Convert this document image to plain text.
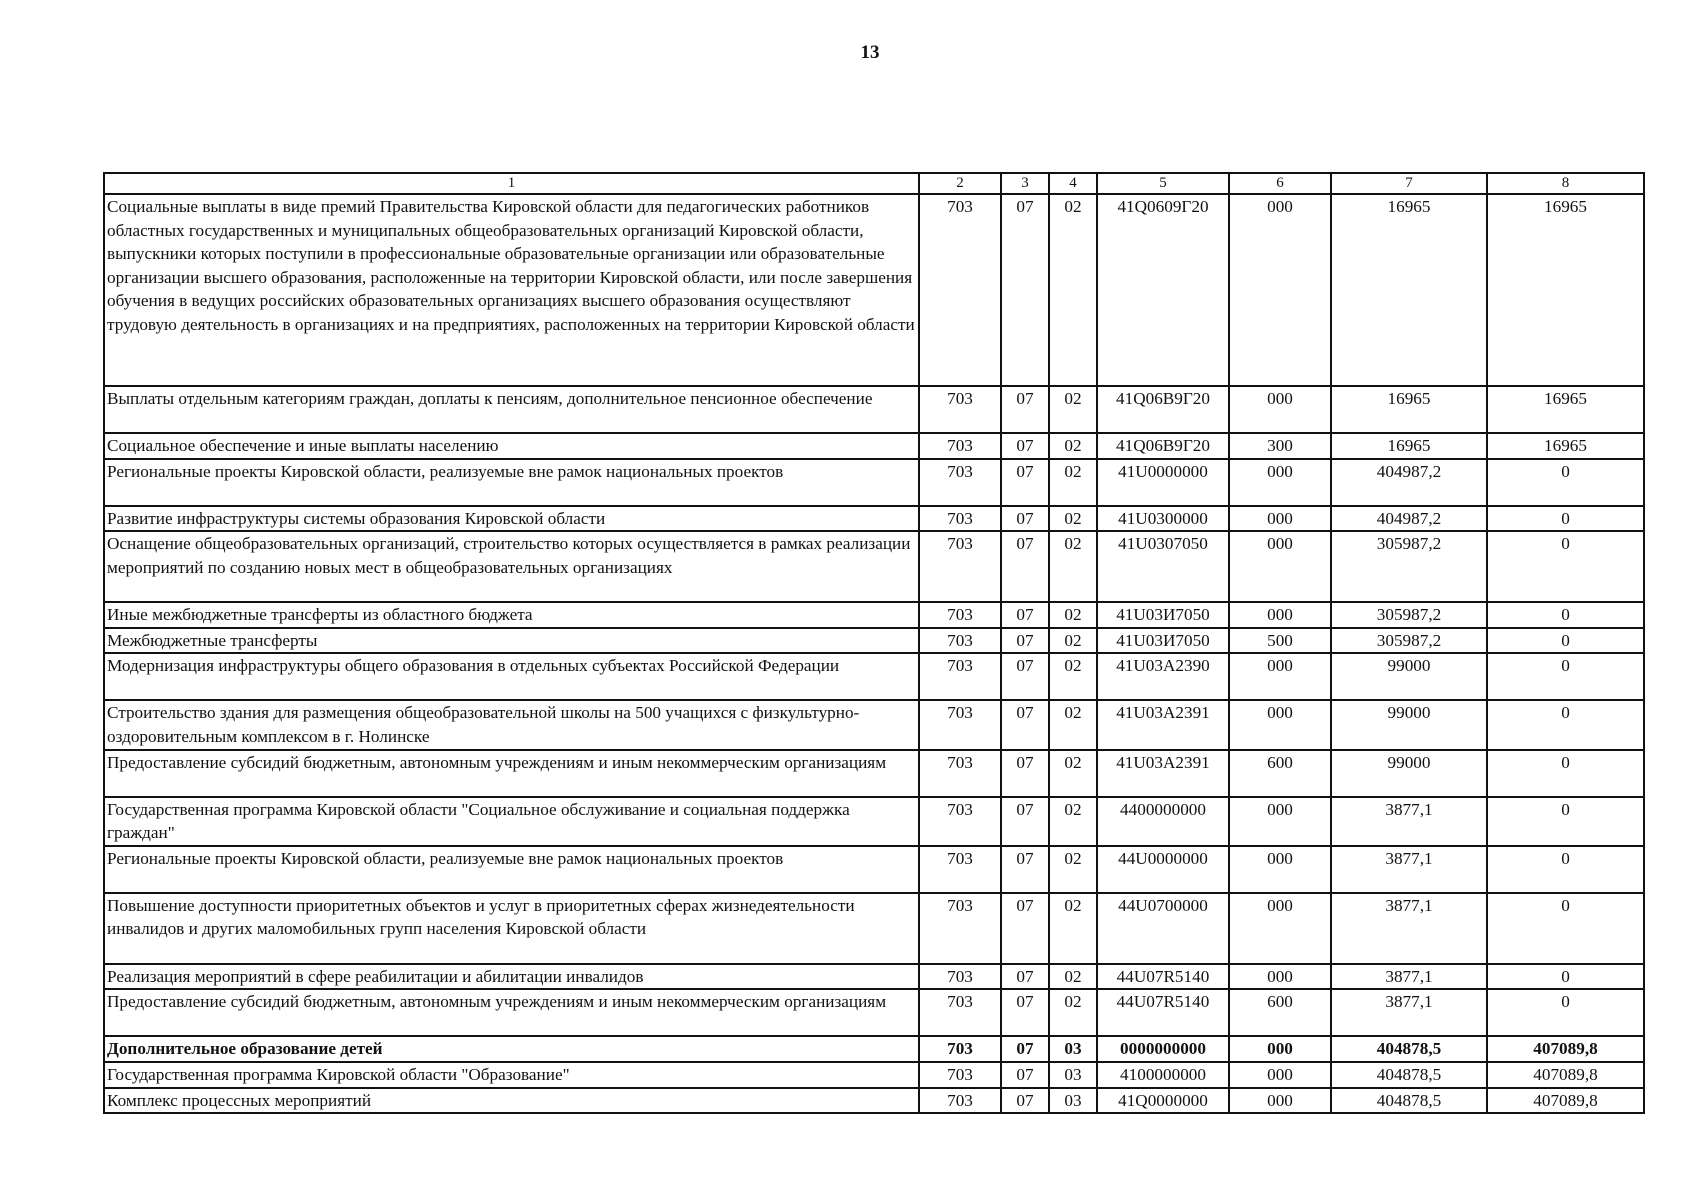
13
1	2	3	4	5	6	7	8
Социальные выплаты в виде премий Правительства Кировской области для педагогических работников областных государственных и муниципальных общеобразовательных организаций Кировской области, выпускники которых поступили в профессиональные образовательные организации или образовательные организации высшего образования, расположенные на территории Кировской области, или после завершения обучения в ведущих российских образовательных организациях высшего образования осуществляют трудовую деятельность в организациях и на предприятиях, расположенных на территории Кировской области	703	07	02	41Q0609Г20	000	16965	16965
Выплаты отдельным категориям граждан, доплаты к пенсиям, дополнительное пенсионное обеспечение	703	07	02	41Q06В9Г20	000	16965	16965
Социальное обеспечение и иные выплаты населению	703	07	02	41Q06В9Г20	300	16965	16965
Региональные проекты Кировской области, реализуемые вне рамок национальных проектов	703	07	02	41U0000000	000	404987,2	0
Развитие инфраструктуры системы образования Кировской области	703	07	02	41U0300000	000	404987,2	0
Оснащение общеобразовательных организаций, строительство которых осуществляется в рамках реализации мероприятий по созданию новых мест в общеобразовательных организациях	703	07	02	41U0307050	000	305987,2	0
Иные межбюджетные трансферты из областного бюджета	703	07	02	41U03И7050	000	305987,2	0
Межбюджетные трансферты	703	07	02	41U03И7050	500	305987,2	0
Модернизация инфраструктуры общего образования в отдельных субъектах Российской Федерации	703	07	02	41U03А2390	000	99000	0
Строительство здания для размещения общеобразовательной школы на 500 учащихся с физкультурно-оздоровительным комплексом в г. Нолинске	703	07	02	41U03А2391	000	99000	0
Предоставление субсидий бюджетным, автономным учреждениям и иным некоммерческим организациям	703	07	02	41U03А2391	600	99000	0
Государственная программа Кировской области "Социальное обслуживание и социальная поддержка граждан"	703	07	02	4400000000	000	3877,1	0
Региональные проекты Кировской области, реализуемые вне рамок национальных проектов	703	07	02	44U0000000	000	3877,1	0
Повышение доступности приоритетных объектов и услуг в приоритетных сферах жизнедеятельности инвалидов и других маломобильных групп населения Кировской области	703	07	02	44U0700000	000	3877,1	0
Реализация мероприятий в сфере реабилитации и абилитации инвалидов	703	07	02	44U07R5140	000	3877,1	0
Предоставление субсидий бюджетным, автономным учреждениям и иным некоммерческим организациям	703	07	02	44U07R5140	600	3877,1	0
Дополнительное образование детей	703	07	03	0000000000	000	404878,5	407089,8
Государственная программа Кировской области "Образование"	703	07	03	4100000000	000	404878,5	407089,8
Комплекс процессных мероприятий	703	07	03	41Q0000000	000	404878,5	407089,8
